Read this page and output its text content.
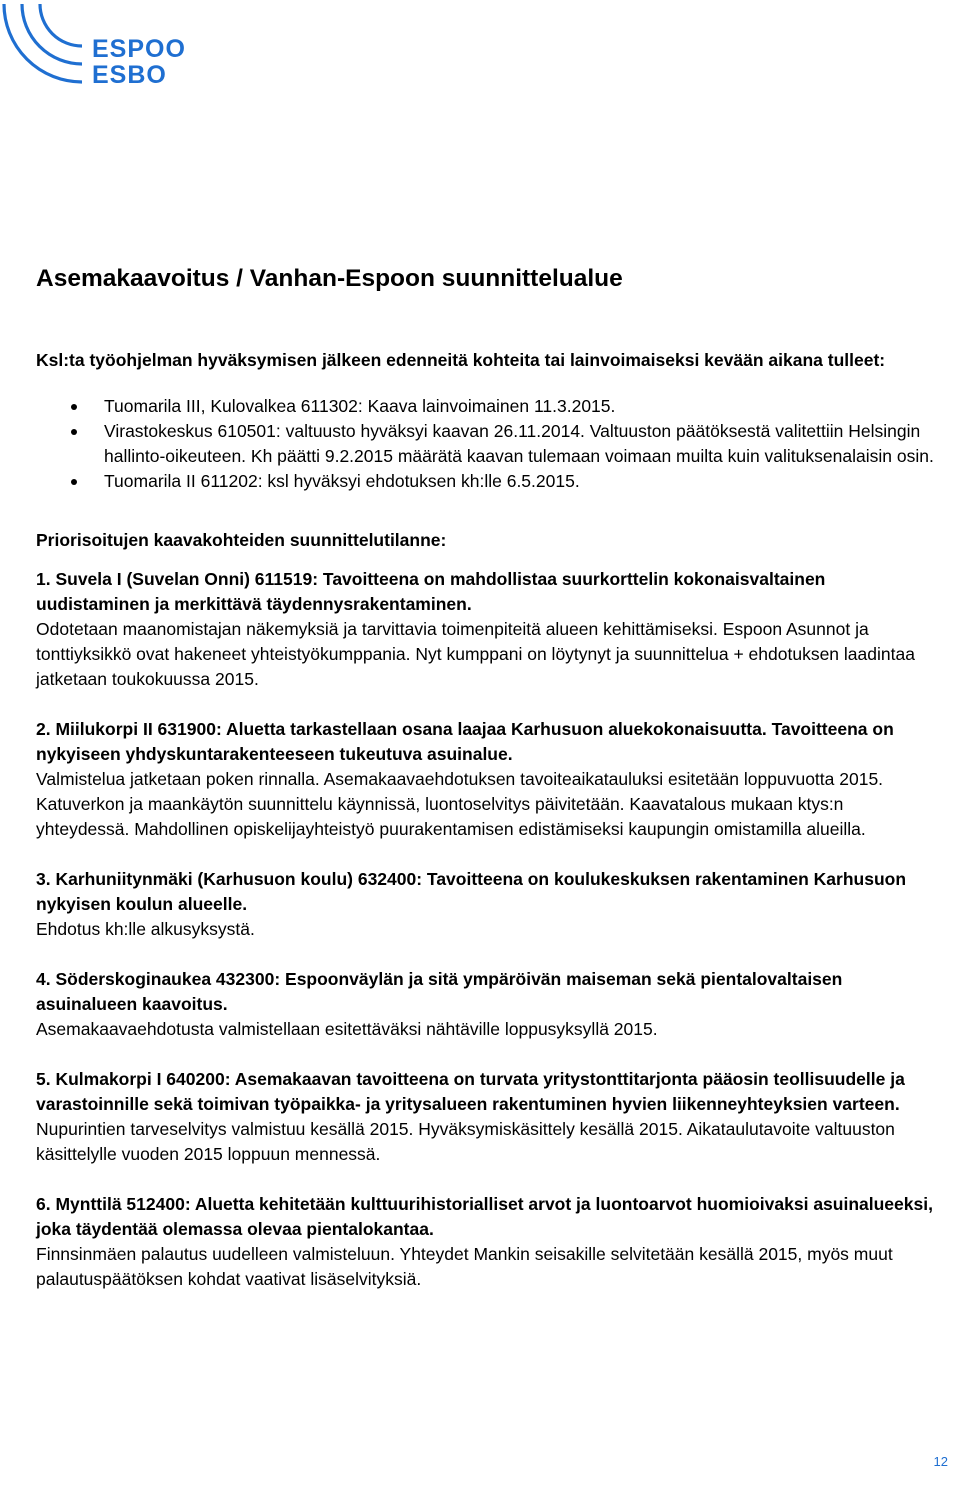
ESPOO
ESBO
Asemakaavoitus / Vanhan-Espoon suunnittelualue

Ksl:ta työohjelman hyväksymisen jälkeen edenneitä kohteita tai lainvoimaiseksi kevään aikana tulleet:

Tuomarila III, Kulovalkea 611302: Kaava lainvoimainen 11.3.2015.
Virastokeskus 610501: valtuusto hyväksyi kaavan 26.11.2014. Valtuuston päätöksestä valitettiin Helsingin hallinto-oikeuteen. Kh päätti 9.2.2015 määrätä kaavan tulemaan voimaan muilta kuin valituksenalaisin osin.
Tuomarila II 611202: ksl hyväksyi ehdotuksen kh:lle 6.5.2015.
Priorisoitujen kaavakohteiden suunnittelutilanne:
1. Suvela I (Suvelan Onni) 611519: Tavoitteena on mahdollistaa suurkorttelin kokonaisvaltainen uudistaminen ja merkittävä täydennysrakentaminen.
Odotetaan maanomistajan näkemyksiä ja tarvittavia toimenpiteitä alueen kehittämiseksi. Espoon Asunnot ja tonttiyksikkö ovat hakeneet yhteistyökumppania. Nyt kumppani on löytynyt ja suunnittelua + ehdotuksen laadintaa jatketaan toukokuussa 2015.
2. Miilukorpi II 631900: Aluetta tarkastellaan osana laajaa Karhusuon aluekokonaisuutta. Tavoitteena on nykyiseen yhdyskuntarakenteeseen tukeutuva asuinalue.
Valmistelua jatketaan poken rinnalla. Asemakaavaehdotuksen tavoiteaikatauluksi esitetään loppuvuotta 2015. Katuverkon ja maankäytön suunnittelu käynnissä, luontoselvitys päivitetään. Kaavatalous mukaan ktys:n yhteydessä. Mahdollinen opiskelijayhteistyö puurakentamisen edistämiseksi kaupungin omistamilla alueilla.
3. Karhuniitynmäki (Karhusuon koulu) 632400: Tavoitteena on koulukeskuksen rakentaminen Karhusuon nykyisen koulun alueelle.
Ehdotus kh:lle alkusyksystä.
4. Söderskoginaukea 432300: Espoonväylän ja sitä ympäröivän maiseman sekä pientalovaltaisen asuinalueen kaavoitus.
Asemakaavaehdotusta valmistellaan esitettäväksi nähtäville loppusyksyllä 2015.
5. Kulmakorpi I 640200: Asemakaavan tavoitteena on turvata yritystonttitarjonta pääosin teollisuudelle ja varastoinnille sekä toimivan työpaikka- ja yritysalueen rakentuminen hyvien liikenneyhteyksien varteen.
Nupurintien tarveselvitys valmistuu kesällä 2015. Hyväksymiskäsittely kesällä 2015. Aikataulutavoite valtuuston käsittelylle vuoden 2015 loppuun mennessä.
6. Mynttilä 512400: Aluetta kehitetään kulttuurihistorialliset arvot ja luontoarvot huomioivaksi asuinalueeksi, joka täydentää olemassa olevaa pientalokantaa.
Finnsinmäen palautus uudelleen valmisteluun. Yhteydet Mankin seisakille selvitetään kesällä 2015, myös muut palautuspäätöksen kohdat vaativat lisäselvityksiä.
12
